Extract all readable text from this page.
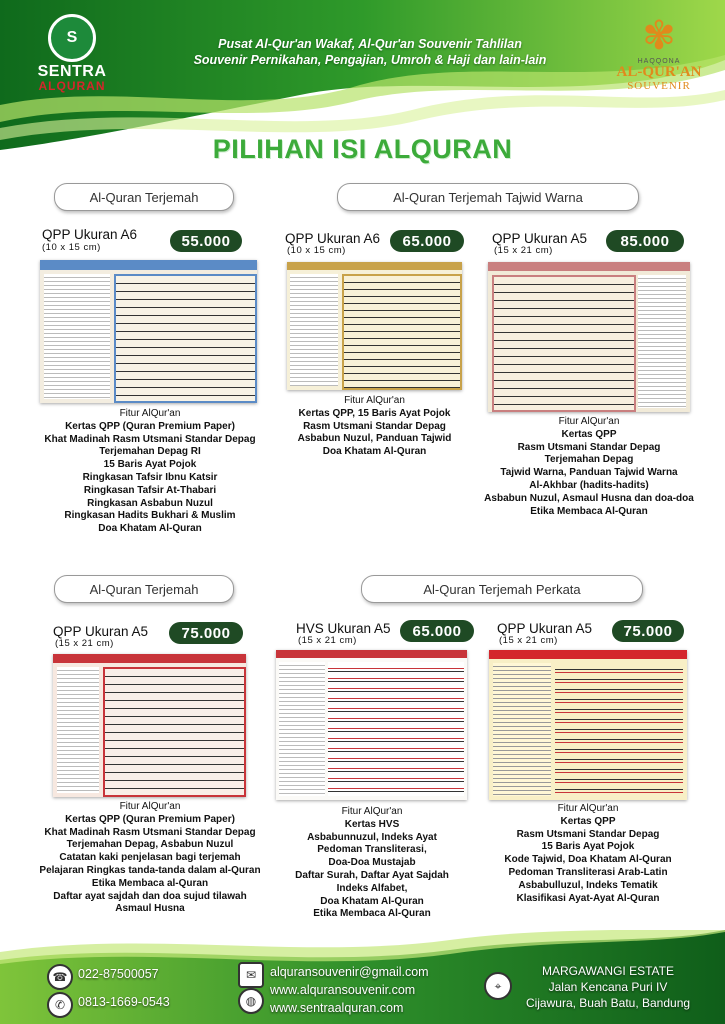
S
SENTRA
ALQURAN
Pusat Al-Qur'an Wakaf, Al-Qur'an Souvenir Tahlilan
Souvenir Pernikahan, Pengajian, Umroh & Haji dan lain-lain
✾
HAQQONA
AL-QUR'AN
SOUVENIR
PILIHAN ISI ALQURAN
Al-Quran Terjemah	Al-Quran Terjemah Tajwid Warna
Al-Quran Terjemah	Al-Quran Terjemah Perkata
QPP Ukuran A6
(10 x 15 cm)	55.000
Fitur AlQur'an
Kertas QPP (Quran Premium Paper)
Khat Madinah Rasm Utsmani Standar Depag
Terjemahan Depag RI
15 Baris Ayat Pojok
Ringkasan Tafsir Ibnu Katsir
Ringkasan Tafsir At-Thabari
Ringkasan Asbabun Nuzul
Ringkasan Hadits Bukhari & Muslim
Doa Khatam Al-Quran
QPP Ukuran A6
(10 x 15 cm)
65.000
Fitur AlQur'an
Kertas QPP, 15 Baris Ayat Pojok
Rasm Utsmani Standar Depag
Asbabun Nuzul, Panduan Tajwid
Doa Khatam Al-Quran
QPP Ukuran A5
(15 x 21 cm)
85.000
Fitur AlQur'an
Kertas QPP
Rasm Utsmani Standar Depag
Terjemahan Depag
Tajwid Warna, Panduan Tajwid Warna
Al-Akhbar (hadits-hadits)
Asbabun Nuzul, Asmaul Husna dan doa-doa
Etika Membaca Al-Quran
QPP Ukuran A5
(15 x 21 cm)
75.000
Fitur AlQur'an
Kertas QPP (Quran Premium Paper)
Khat Madinah Rasm Utsmani Standar Depag
Terjemahan Depag, Asbabun Nuzul
Catatan kaki penjelasan bagi terjemah
Pelajaran Ringkas tanda-tanda dalam al-Quran
Etika Membaca al-Quran
Daftar ayat sajdah dan doa sujud tilawah
Asmaul Husna
HVS Ukuran A5
(15 x 21 cm)
65.000
Fitur AlQur'an
Kertas HVS
Asbabunnuzul, Indeks Ayat
Pedoman Transliterasi,
Doa-Doa Mustajab
Daftar Surah, Daftar Ayat Sajdah
Indeks Alfabet,
Doa Khatam Al-Quran
Etika Membaca Al-Quran
QPP Ukuran A5
(15 x 21 cm)
75.000
Fitur AlQur'an
Kertas QPP
Rasm Utsmani Standar Depag
15 Baris Ayat Pojok
Kode Tajwid, Doa Khatam Al-Quran
Pedoman Transliterasi Arab-Latin
Asbabulluzul, Indeks Tematik
Klasifikasi Ayat-Ayat Al-Quran
☎ 022-87500057
✆	0813-1669-0543
✉	alquransouvenir@gmail.com
◍
www.alquransouvenir.com
www.sentraalquran.com
⌖
MARGAWANGI ESTATE
Jalan Kencana Puri IV
Cijawura, Buah Batu, Bandung
